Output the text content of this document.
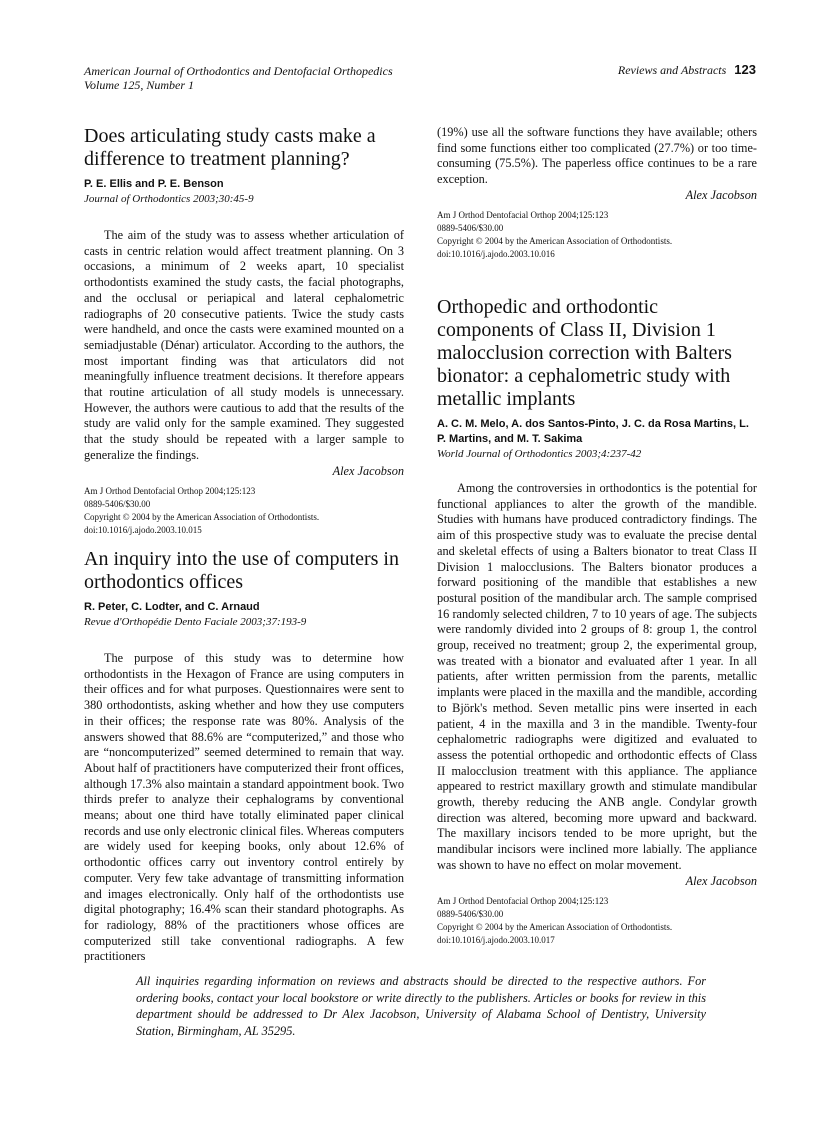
American Journal of Orthodontics and Dentofacial Orthopedics
Volume 125, Number 1
Reviews and Abstracts 123
Does articulating study casts make a difference to treatment planning?
P. E. Ellis and P. E. Benson
Journal of Orthodontics 2003;30:45-9

The aim of the study was to assess whether articulation of casts in centric relation would affect treatment planning. On 3 occasions, a minimum of 2 weeks apart, 10 specialist orthodontists examined the study casts, the facial photographs, and the occlusal or periapical and lateral cephalometric radiographs of 20 consecutive patients. Twice the study casts were handheld, and once the casts were examined mounted on a semiadjustable (Dénar) articulator. According to the authors, the most important finding was that articulators did not meaningfully influence treatment decisions. It therefore appears that routine articulation of all study models is unnecessary. However, the authors were cautious to add that the results of the study are valid only for the sample examined. They suggested that the study should be repeated with a larger sample to generalize the findings.

Alex Jacobson
Am J Orthod Dentofacial Orthop 2004;125:123
0889-5406/$30.00
Copyright © 2004 by the American Association of Orthodontists.
doi:10.1016/j.ajodo.2003.10.015
An inquiry into the use of computers in orthodontics offices
R. Peter, C. Lodter, and C. Arnaud
Revue d'Orthopédie Dento Faciale 2003;37:193-9

The purpose of this study was to determine how orthodontists in the Hexagon of France are using computers in their offices and for what purposes. Questionnaires were sent to 380 orthodontists, asking whether and how they use computers in their offices; the response rate was 80%. Analysis of the answers showed that 88.6% are “computerized,” and those who are “noncomputerized” seemed determined to remain that way. About half of practitioners have computerized their front offices, although 17.3% also maintain a standard appointment book. Two thirds prefer to analyze their cephalograms by conventional means; about one third have totally eliminated paper clinical records and use only electronic clinical files. Whereas computers are widely used for keeping books, only about 12.6% of orthodontic offices carry out inventory control entirely by computer. Very few take advantage of transmitting information and images electronically. Only half of the orthodontists use digital photography; 16.4% scan their standard photographs. As for radiology, 88% of the practitioners whose offices are computerized still take conventional radiographs. A few practitioners

(19%) use all the software functions they have available; others find some functions either too complicated (27.7%) or too time-consuming (75.5%). The paperless office continues to be a rare exception.

Alex Jacobson
Am J Orthod Dentofacial Orthop 2004;125:123
0889-5406/$30.00
Copyright © 2004 by the American Association of Orthodontists.
doi:10.1016/j.ajodo.2003.10.016
Orthopedic and orthodontic components of Class II, Division 1 malocclusion correction with Balters bionator: a cephalometric study with metallic implants
A. C. M. Melo, A. dos Santos-Pinto, J. C. da Rosa Martins, L. P. Martins, and M. T. Sakima
World Journal of Orthodontics 2003;4:237-42

Among the controversies in orthodontics is the potential for functional appliances to alter the growth of the mandible. Studies with humans have produced contradictory findings. The aim of this prospective study was to evaluate the precise dental and skeletal effects of using a Balters bionator to treat Class II Division 1 malocclusions. The Balters bionator produces a forward positioning of the mandible that establishes a new postural position of the mandibular arch. The sample comprised 16 randomly selected children, 7 to 10 years of age. The subjects were randomly divided into 2 groups of 8: group 1, the control group, received no treatment; group 2, the experimental group, was treated with a bionator and evaluated after 1 year. In all patients, after written permission from the parents, metallic implants were placed in the maxilla and the mandible, according to Björk's method. Seven metallic pins were inserted in each patient, 4 in the maxilla and 3 in the mandible. Twenty-four cephalometric radiographs were digitized and evaluated to assess the potential orthopedic and orthodontic effects of Class II malocclusion treatment with this appliance. The appliance appeared to restrict maxillary growth and stimulate mandibular growth, thereby reducing the ANB angle. Condylar growth direction was altered, becoming more upward and backward. The maxillary incisors tended to be more upright, but the mandibular incisors were inclined more labially. The appliance was shown to have no effect on molar movement.

Alex Jacobson
Am J Orthod Dentofacial Orthop 2004;125:123
0889-5406/$30.00
Copyright © 2004 by the American Association of Orthodontists.
doi:10.1016/j.ajodo.2003.10.017
All inquiries regarding information on reviews and abstracts should be directed to the respective authors. For ordering books, contact your local bookstore or write directly to the publishers. Articles or books for review in this department should be addressed to Dr Alex Jacobson, University of Alabama School of Dentistry, University Station, Birmingham, AL 35295.
